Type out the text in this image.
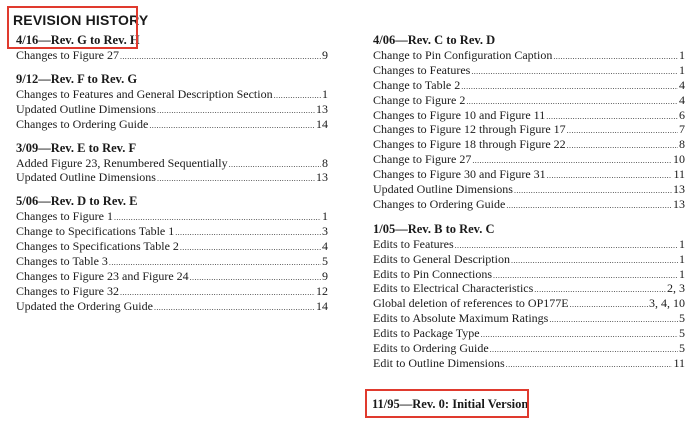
REVISION HISTORY
4/16—Rev. G to Rev. H
Changes to Figure 27 .....	9
9/12—Rev. F to Rev. G
Changes to Features and General Description Section .....	1
Updated Outline Dimensions .....	13
Changes to Ordering Guide .....	14
3/09—Rev. E to Rev. F
Added Figure 23, Renumbered Sequentially .....	8
Updated Outline Dimensions .....	13
5/06—Rev. D to Rev. E
Changes to Figure 1 .....	1
Change to Specifications Table 1 .....	3
Changes to Specifications Table 2 .....	4
Changes to Table 3 .....	5
Changes to Figure 23 and Figure 24 .....	9
Changes to Figure 32 .....	12
Updated the Ordering Guide .....	14
4/06—Rev. C to Rev. D
Change to Pin Configuration Caption .....	1
Changes to Features .....	1
Change to Table 2 .....	4
Change to Figure 2 .....	4
Changes to Figure 10 and Figure 11 .....	6
Changes to Figure 12 through Figure 17 .....	7
Changes to Figure 18 through Figure 22 .....	8
Change to Figure 27 .....	10
Changes to Figure 30 and Figure 31 .....	11
Updated Outline Dimensions .....	13
Changes to Ordering Guide .....	13
1/05—Rev. B to Rev. C
Edits to Features .....	1
Edits to General Description .....	1
Edits to Pin Connections .....	1
Edits to Electrical Characteristics .....	2, 3
Global deletion of references to OP177E .....	3, 4, 10
Edits to Absolute Maximum Ratings .....	5
Edits to Package Type .....	5
Edits to Ordering Guide .....	5
Edit to Outline Dimensions .....	11
11/95—Rev. 0: Initial Version
